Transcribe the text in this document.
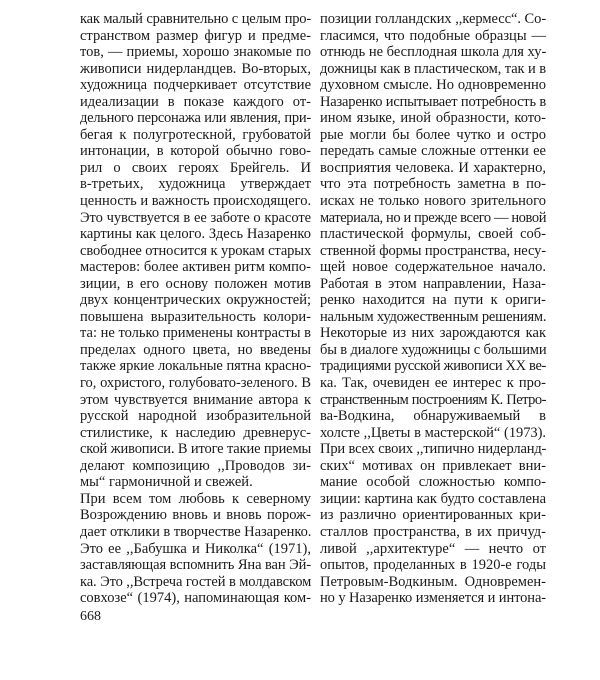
как малый сравнительно с целым про-
странством размер фигур и предме-
тов, — приемы, хорошо знакомые по
живописи нидерландцев. Во-вторых,
художница подчеркивает отсутствие
идеализации в показе каждого от-
дельного персонажа или явления, при-
бегая к полугротескной, грубоватой
интонации, в которой обычно гово-
рил о своих героях Брейгель. И
в-третьих, художница утверждает
ценность и важность происходящего.
Это чувствуется в ее заботе о красоте
картины как целого. Здесь Назаренко
свободнее относится к урокам старых
мастеров: более активен ритм компо-
зиции, в его основу положен мотив
двух концентрических окружностей;
повышена выразительность колори-
та: не только применены контрасты в
пределах одного цвета, но введены
также яркие локальные пятна красно-
го, охристого, голубовато-зеленого. В
этом чувствуется внимание автора к
русской народной изобразительной
стилистике, к наследию древнерус-
ской живописи. В итоге такие приемы
делают композицию ,,Проводов зи-
мы“ гармоничной и свежей.
При всем том любовь к северному
Возрождению вновь и вновь порож-
дает отклики в творчестве Назаренко.
Это ее ,,Бабушка и Николка“ (1971),
заставляющая вспомнить Яна ван Эй-
ка. Это ,,Встреча гостей в молдавском
совхозе“ (1974), напоминающая ком-
позиции голландских ,,кермесс“. Со-
гласимся, что подобные образцы —
отнюдь не бесплодная школа для ху-
дожницы как в пластическом, так и в
духовном смысле. Но одновременно
Назаренко испытывает потребность в
ином языке, иной образности, кото-
рые могли бы более чутко и остро
передать самые сложные оттенки ее
восприятия человека. И характерно,
что эта потребность заметна в по-
исках не только нового зрительного
материала, но и прежде всего — новой
пластической формулы, своей соб-
ственной формы пространства, несу-
щей новое содержательное начало.
Работая в этом направлении, Наза-
ренко находится на пути к ориги-
нальным художественным решениям.
Некоторые из них зарождаются как
бы в диалоге художницы с большими
традициями русской живописи XX ве-
ка. Так, очевиден ее интерес к про-
странственным построениям К. Петро-
ва-Водкина, обнаруживаемый в
холсте ,,Цветы в мастерской“ (1973).
При всех своих ,,типично нидерланд-
ских“ мотивах он привлекает вни-
мание особой сложностью компо-
зиции: картина как будто составлена
из различно ориентированных кри-
сталлов пространства, в их причуд-
ливой ,,архитектуре“ — нечто от
опытов, проделанных в 1920-е годы
Петровым-Водкиным. Одновремен-
но у Назаренко изменяется и интона-
668
